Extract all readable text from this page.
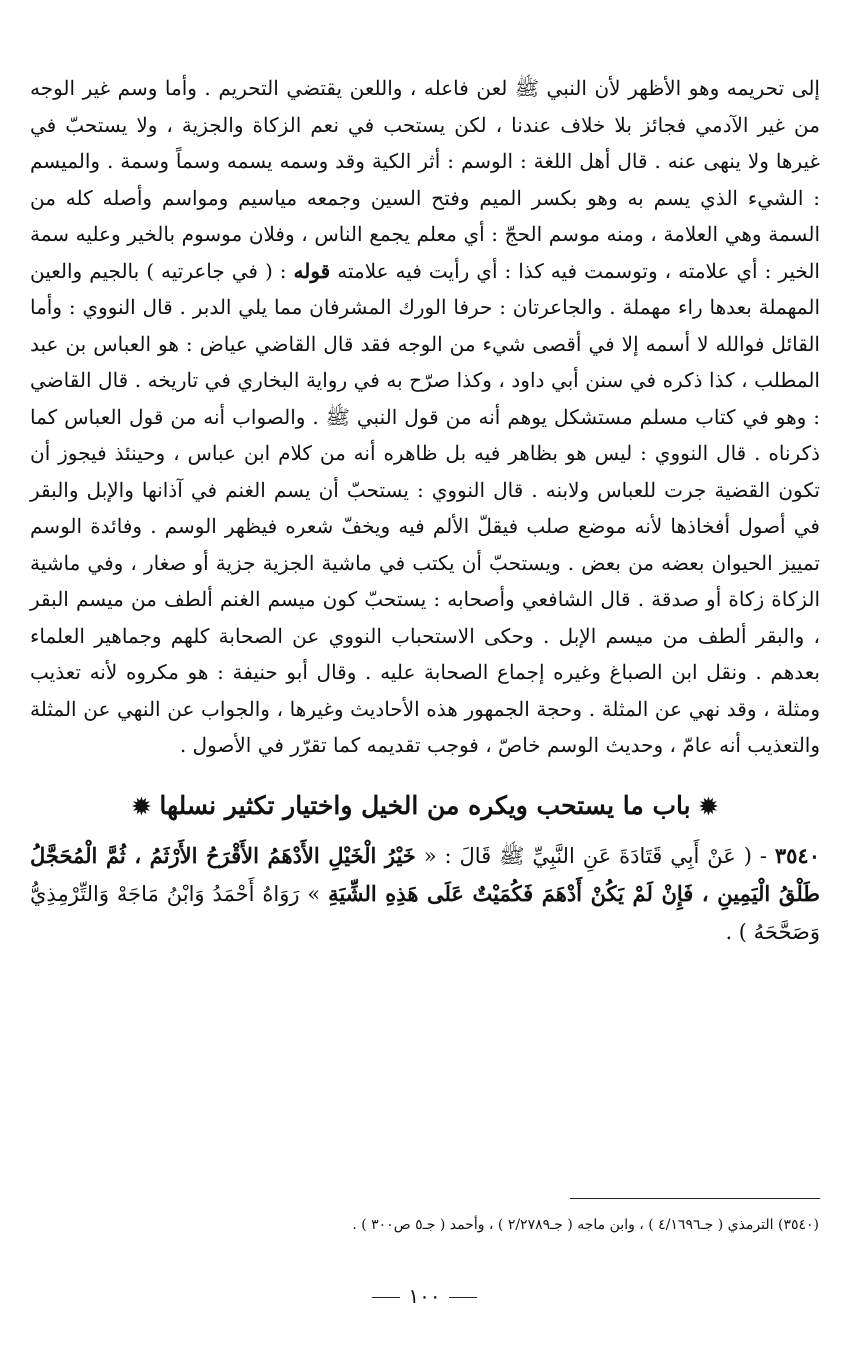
إلى تحريمه وهو الأظهر لأن النبي ﷺ لعن فاعله ، واللعن يقتضي التحريم . وأما وسم غير الوجه من غير الآدمي فجائز بلا خلاف عندنا ، لكن يستحب في نعم الزكاة والجزية ، ولا يستحبّ في غيرها ولا ينهى عنه . قال أهل اللغة : الوسم : أثر الكية وقد وسمه يسمه وسماً وسمة . والميسم : الشيء الذي يسم به وهو بكسر الميم وفتح السين وجمعه مياسيم ومواسم وأصله كله من السمة وهي العلامة ، ومنه موسم الحجّ : أي معلم يجمع الناس ، وفلان موسوم بالخير وعليه سمة الخير : أي علامته ، وتوسمت فيه كذا : أي رأيت فيه علامته قوله : ( في جاعرتيه ) بالجيم والعين المهملة بعدها راء مهملة . والجاعرتان : حرفا الورك المشرفان مما يلي الدبر . قال النووي : وأما القائل فوالله لا أسمه إلا في أقصى شيء من الوجه فقد قال القاضي عياض : هو العباس بن عبد المطلب ، كذا ذكره في سنن أبي داود ، وكذا صرّح به في رواية البخاري في تاريخه . قال القاضي : وهو في كتاب مسلم مستشكل يوهم أنه من قول النبي ﷺ . والصواب أنه من قول العباس كما ذكرناه . قال النووي : ليس هو بظاهر فيه بل ظاهره أنه من كلام ابن عباس ، وحينئذ فيجوز أن تكون القضية جرت للعباس ولابنه . قال النووي : يستحبّ أن يسم الغنم في آذانها والإبل والبقر في أصول أفخاذها لأنه موضع صلب فيقلّ الألم فيه ويخفّ شعره فيظهر الوسم . وفائدة الوسم تمييز الحيوان بعضه من بعض . ويستحبّ أن يكتب في ماشية الجزية جزية أو صغار ، وفي ماشية الزكاة زكاة أو صدقة . قال الشافعي وأصحابه : يستحبّ كون ميسم الغنم ألطف من ميسم البقر ، والبقر ألطف من ميسم الإبل . وحكى الاستحباب النووي عن الصحابة كلهم وجماهير العلماء بعدهم . ونقل ابن الصباغ وغيره إجماع الصحابة عليه . وقال أبو حنيفة : هو مكروه لأنه تعذيب ومثلة ، وقد نهي عن المثلة . وحجة الجمهور هذه الأحاديث وغيرها ، والجواب عن النهي عن المثلة والتعذيب أنه عامّ ، وحديث الوسم خاصّ ، فوجب تقديمه كما تقرّر في الأصول .

✹ باب ما يستحب ويكره من الخيل واختيار تكثير نسلها ✹

٣٥٤٠ - ( عَنْ أَبِي قَتَادَةَ عَنِ النَّبِيِّ ﷺ قَالَ : « خَيْرُ الْخَيْلِ الأَدْهَمُ الأَقْرَحُ الأَرْثَمُ ، ثُمَّ الْمُحَجَّلُ طَلْقُ الْيَمِينِ ، فَإِنْ لَمْ يَكُنْ أَدْهَمَ فَكُمَيْتٌ عَلَى هَذِهِ الشِّيَةِ » رَوَاهُ أَحْمَدُ وَابْنُ مَاجَهْ وَالتِّرْمِذِيُّ وَصَحَّحَهُ ) .

(٣٥٤٠) الترمذي ( جـ٤/١٦٩٦ ) ، وابن ماجه ( جـ٢/٢٧٨٩ ) ، وأحمد ( جـ٥ ص٣٠٠ ) .
١٠٠
